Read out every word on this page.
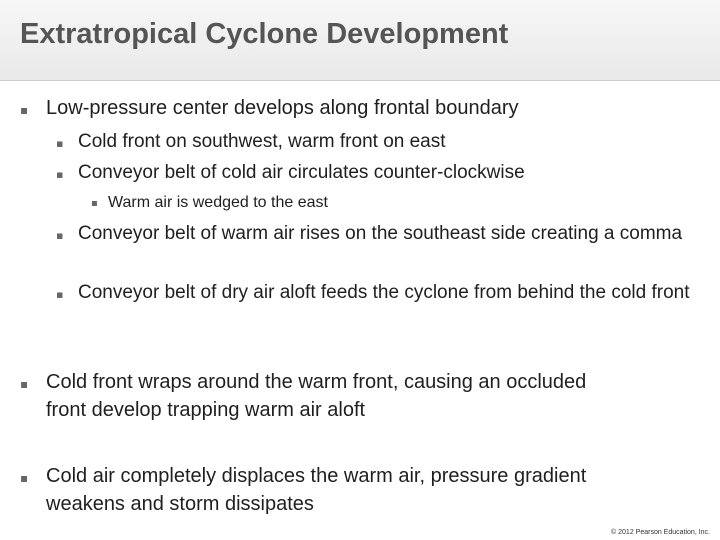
Extratropical Cyclone Development
▪ Low-pressure center develops along frontal boundary
▪ Cold front on southwest, warm front on east
▪ Conveyor belt of cold air circulates counter-clockwise
▪ Warm air is wedged to the east
▪ Conveyor belt of warm air rises on the southeast side creating a comma
▪ Conveyor belt of dry air aloft feeds the cyclone from behind the cold front
▪ Cold front wraps around the warm front, causing an occluded front develop trapping warm air aloft
▪ Cold air completely displaces the warm air, pressure gradient weakens and storm dissipates
© 2012 Pearson Education, Inc.
